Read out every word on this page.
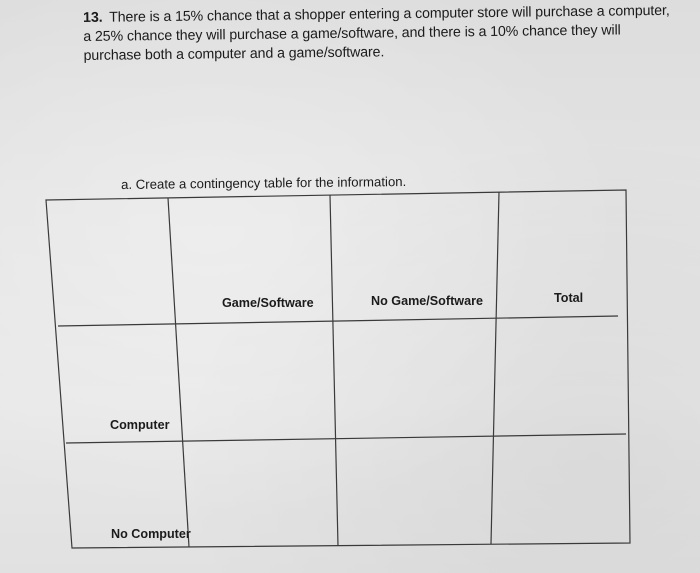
13. There is a 15% chance that a shopper entering a computer store will purchase a computer, a 25% chance they will purchase a game/software, and there is a 10% chance they will purchase both a computer and a game/software.
a. Create a contingency table for the information.
Game/Software	No Game/Software	Total
Computer
No Computer
